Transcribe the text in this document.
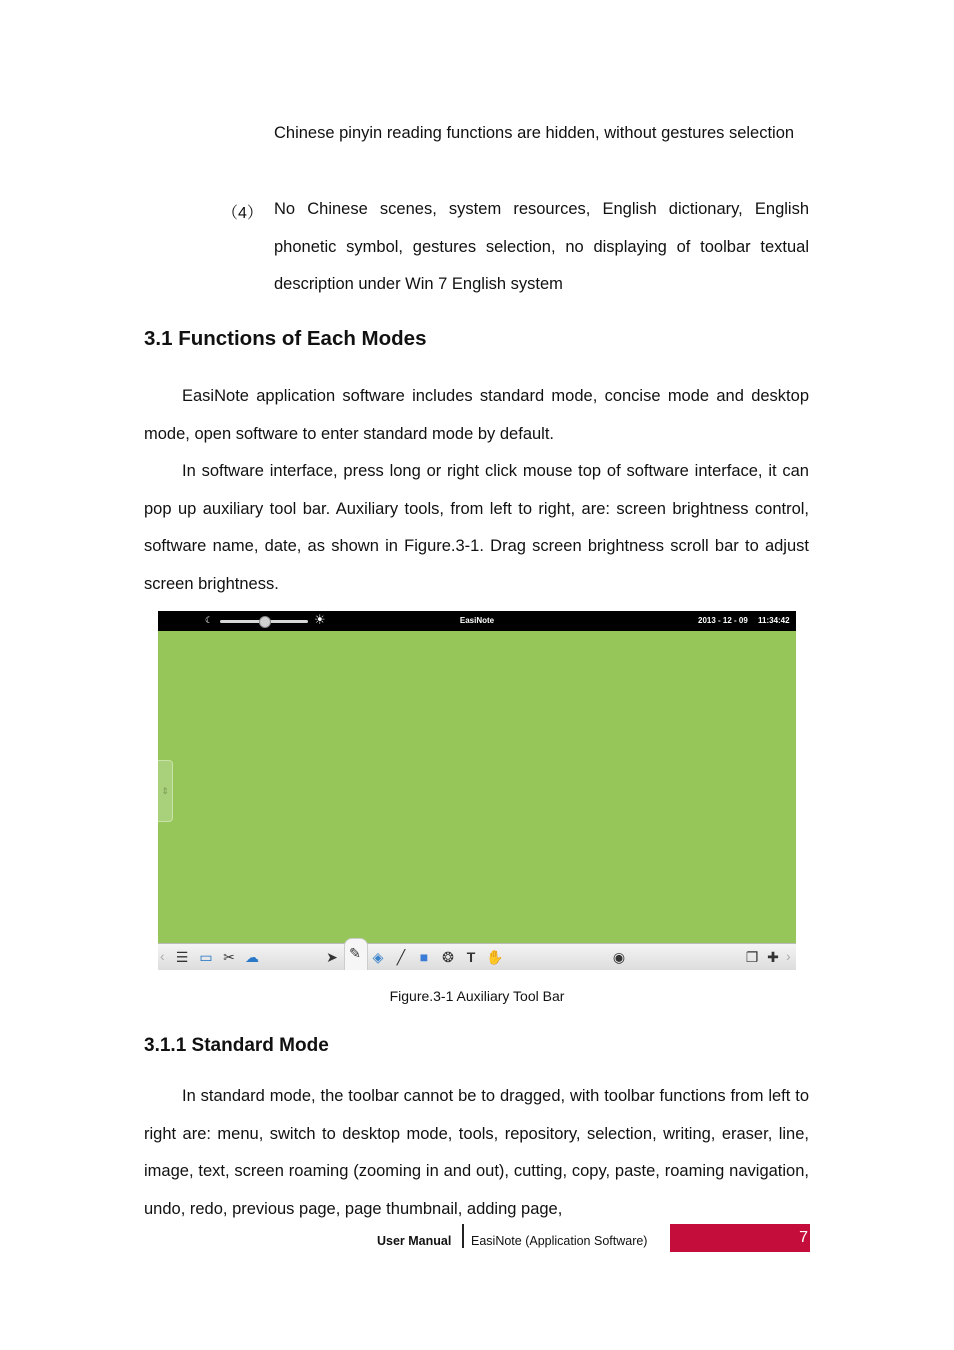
Chinese pinyin reading functions are hidden, without gestures selection
（4） No Chinese scenes, system resources, English dictionary, English phonetic symbol, gestures selection, no displaying of toolbar textual description under Win 7 English system
3.1 Functions of Each Modes
EasiNote application software includes standard mode, concise mode and desktop mode, open software to enter standard mode by default.
In software interface, press long or right click mouse top of software interface, it can pop up auxiliary tool bar. Auxiliary tools, from left to right, are: screen brightness control, software name, date, as shown in Figure.3-1. Drag screen brightness scroll bar to adjust screen brightness.
☾	☀	EasiNote	2013 - 12 - 09 11:34:42
⇕
‹ ☰ ▭ ✂ ☁	➤ ✎ ◈ ╱ ■ ❂ T ✋	◉	❐ ✚ ›
Figure.3-1 Auxiliary Tool Bar
3.1.1 Standard Mode
In standard mode, the toolbar cannot be to dragged, with toolbar functions from left to right are: menu, switch to desktop mode, tools, repository, selection, writing, eraser, line, image, text, screen roaming (zooming in and out), cutting, copy, paste, roaming navigation, undo, redo, previous page, page thumbnail, adding page,
User Manual EasiNote (Application Software)	7
